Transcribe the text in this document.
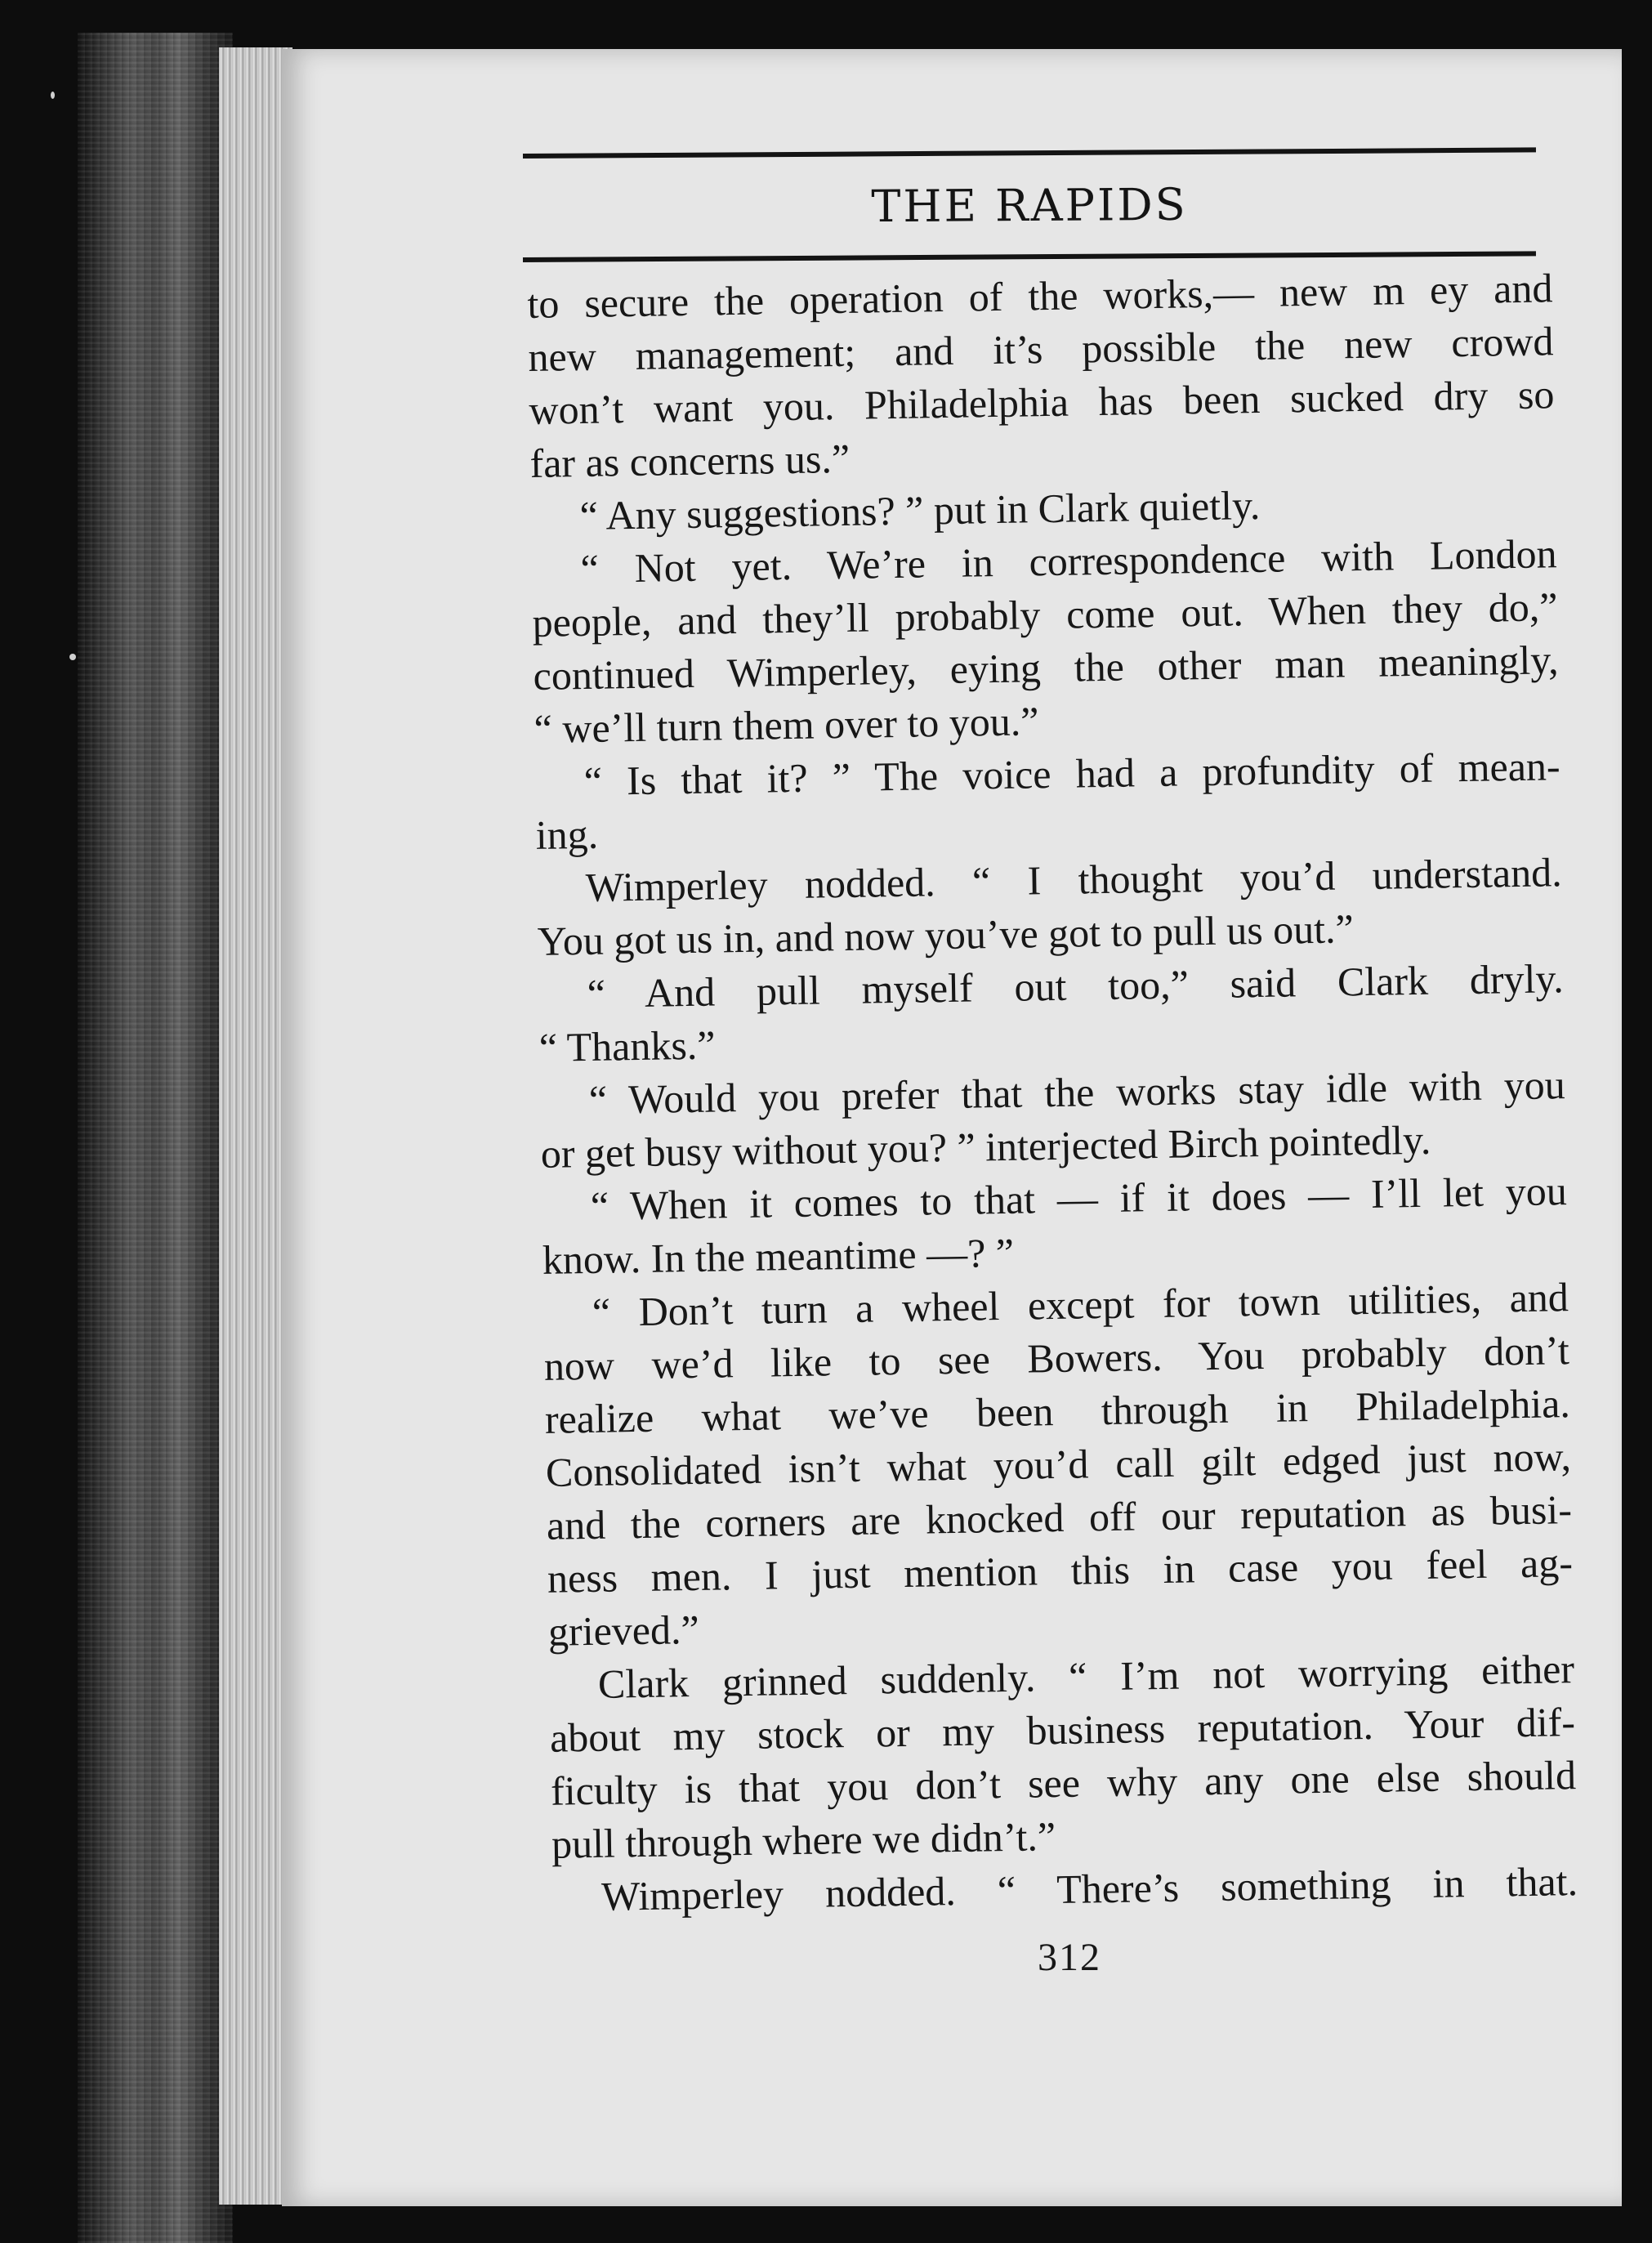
THE RAPIDS
to secure the operation of the works,— new m ey and
new management; and it’s possible the new crowd
won’t want you. Philadelphia has been sucked dry so
far as concerns us.”
“ Any suggestions? ” put in Clark quietly.
“ Not yet. We’re in correspondence with London
people, and they’ll probably come out. When they do,”
continued Wimperley, eying the other man meaningly,
“ we’ll turn them over to you.”
“ Is that it? ” The voice had a profundity of mean-
ing.
Wimperley nodded. “ I thought you’d understand.
You got us in, and now you’ve got to pull us out.”
“ And pull myself out too,” said Clark dryly.
“ Thanks.”
“ Would you prefer that the works stay idle with you
or get busy without you? ” interjected Birch pointedly.
“ When it comes to that — if it does — I’ll let you
know. In the meantime —? ”
“ Don’t turn a wheel except for town utilities, and
now we’d like to see Bowers. You probably don’t
realize what we’ve been through in Philadelphia.
Consolidated isn’t what you’d call gilt edged just now,
and the corners are knocked off our reputation as busi-
ness men. I just mention this in case you feel ag-
grieved.”
Clark grinned suddenly. “ I’m not worrying either
about my stock or my business reputation. Your dif-
ficulty is that you don’t see why any one else should
pull through where we didn’t.”
Wimperley nodded. “ There’s something in that.
312
